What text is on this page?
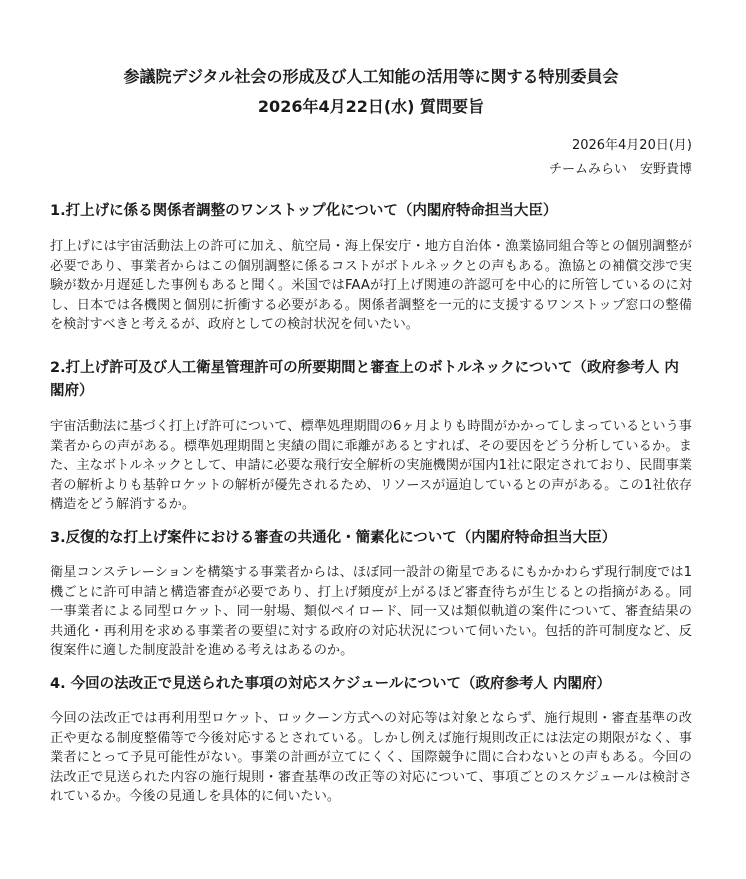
参議院デジタル社会の形成及び人工知能の活用等に関する特別委員会

2026年4月22日(水) 質問要旨

2026年4月20日(月)
チームみらい　安野貴博

1.打上げに係る関係者調整のワンストップ化について（内閣府特命担当大臣）

打上げには宇宙活動法上の許可に加え、航空局・海上保安庁・地方自治体・漁業協同組合等との個別調整が必要であり、事業者からはこの個別調整に係るコストがボトルネックとの声もある。漁協との補償交渉で実験が数か月遅延した事例もあると聞く。米国ではFAAが打上げ関連の許認可を中心的に所管しているのに対し、日本では各機関と個別に折衝する必要がある。関係者調整を一元的に支援するワンストップ窓口の整備を検討すべきと考えるが、政府としての検討状況を伺いたい。

2.打上げ許可及び人工衛星管理許可の所要期間と審査上のボトルネックについて（政府参考人 内閣府）

宇宙活動法に基づく打上げ許可について、標準処理期間の6ヶ月よりも時間がかかってしまっているという事業者からの声がある。標準処理期間と実績の間に乖離があるとすれば、その要因をどう分析しているか。また、主なボトルネックとして、申請に必要な飛行安全解析の実施機関が国内1社に限定されており、民間事業者の解析よりも基幹ロケットの解析が優先されるため、リソースが逼迫しているとの声がある。この1社依存構造をどう解消するか。

3.反復的な打上げ案件における審査の共通化・簡素化について（内閣府特命担当大臣）

衛星コンステレーションを構築する事業者からは、ほぼ同一設計の衛星であるにもかかわらず現行制度では1機ごとに許可申請と構造審査が必要であり、打上げ頻度が上がるほど審査待ちが生じるとの指摘がある。同一事業者による同型ロケット、同一射場、類似ペイロード、同一又は類似軌道の案件について、審査結果の共通化・再利用を求める事業者の要望に対する政府の対応状況について伺いたい。包括的許可制度など、反復案件に適した制度設計を進める考えはあるのか。

4. 今回の法改正で見送られた事項の対応スケジュールについて（政府参考人 内閣府）

今回の法改正では再利用型ロケット、ロックーン方式への対応等は対象とならず、施行規則・審査基準の改正や更なる制度整備等で今後対応するとされている。しかし例えば施行規則改正には法定の期限がなく、事業者にとって予見可能性がない。事業の計画が立てにくく、国際競争に間に合わないとの声もある。今回の法改正で見送られた内容の施行規則・審査基準の改正等の対応について、事項ごとのスケジュールは検討されているか。今後の見通しを具体的に伺いたい。
